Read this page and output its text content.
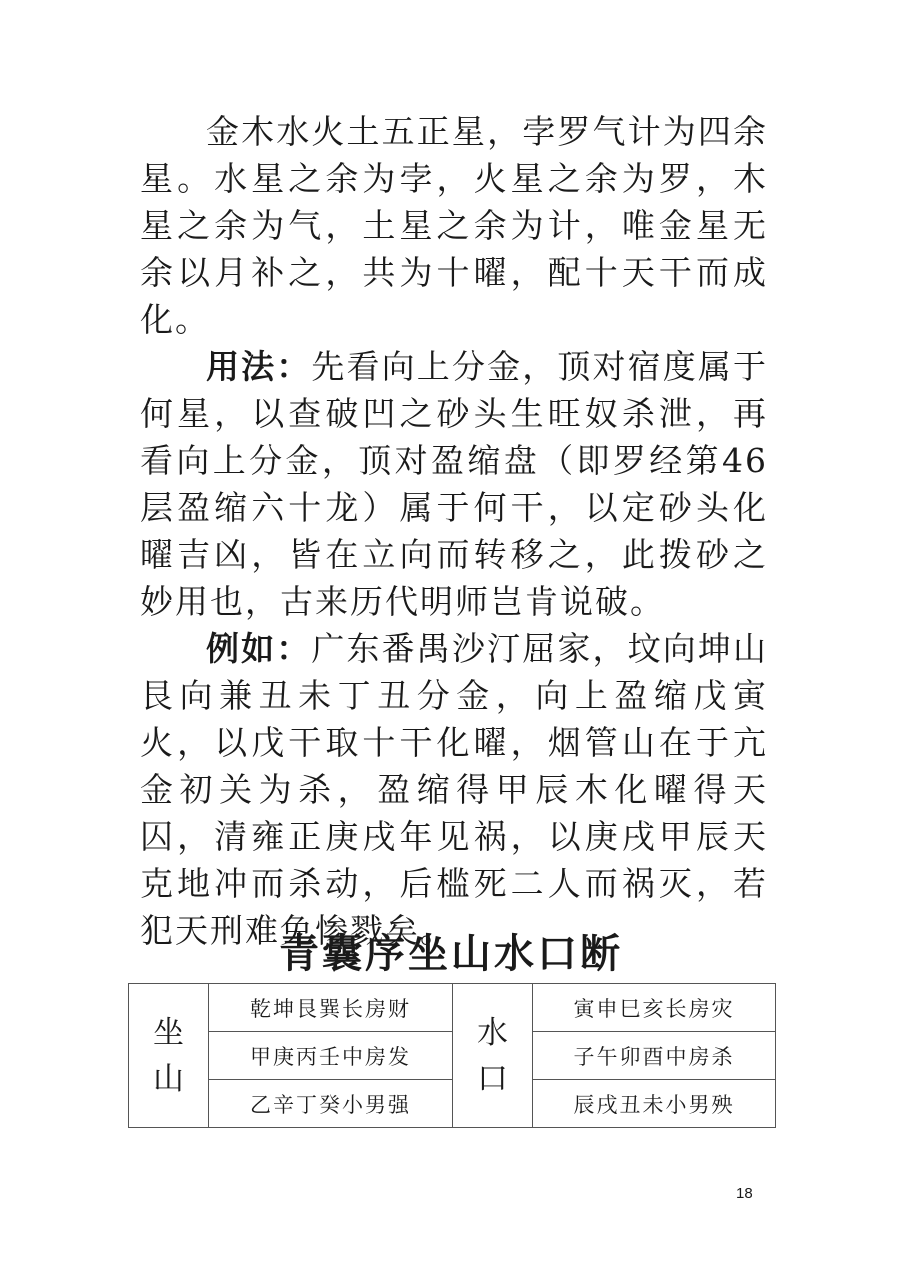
金木水火土五正星，孛罗气计为四余星。水星之余为孛，火星之余为罗，木星之余为气，土星之余为计，唯金星无余以月补之，共为十曜，配十天干而成化。

用法：先看向上分金，顶对宿度属于何星，以查破凹之砂头生旺奴杀泄，再看向上分金，顶对盈缩盘（即罗经第46层盈缩六十龙）属于何干，以定砂头化曜吉凶，皆在立向而转移之，此拨砂之妙用也，古来历代明师岂肯说破。

例如：广东番禺沙汀屈家，坟向坤山艮向兼丑未丁丑分金，向上盈缩戊寅火，以戊干取十干化曜，烟管山在于亢金初关为杀，盈缩得甲辰木化曜得天囚，清雍正庚戌年见祸，以庚戌甲辰天克地冲而杀动，后槛死二人而祸灭，若犯天刑难免惨戮矣。

青囊序坐山水口断
坐山	乾坤艮巽长房财	水口	寅申巳亥长房灾
	甲庚丙壬中房发		子午卯酉中房杀
	乙辛丁癸小男强		辰戌丑未小男殃
18
